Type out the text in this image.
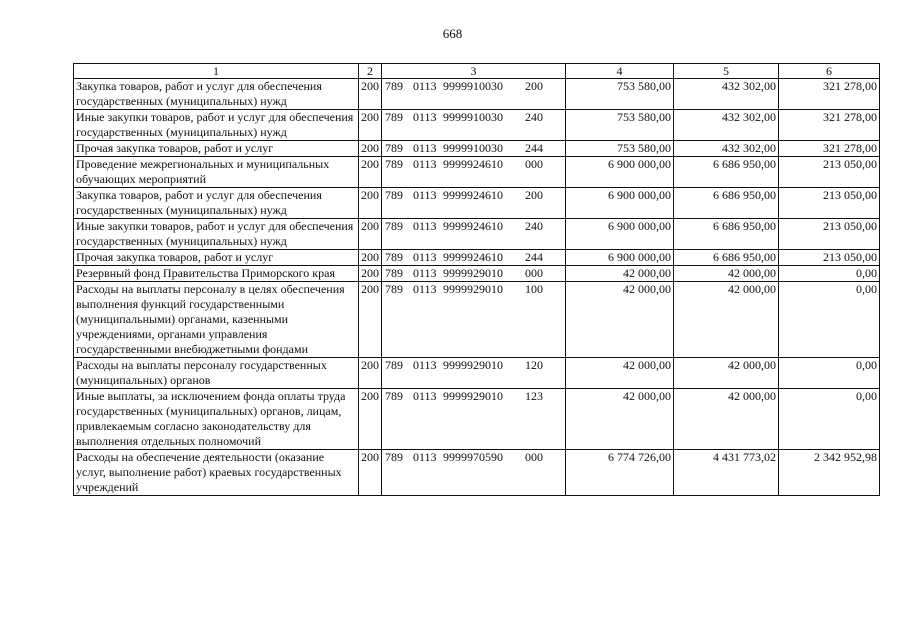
668
1	2	3	4	5	6
Закупка товаров, работ и услуг для обеспечения государственных (муниципальных) нужд	200	789 0113 9999910030 200	753 580,00	432 302,00	321 278,00
Иные закупки товаров, работ и услуг для обеспечения государственных (муниципальных) нужд	200	789 0113 9999910030 240	753 580,00	432 302,00	321 278,00
Прочая закупка товаров, работ и услуг	200	789 0113 9999910030 244	753 580,00	432 302,00	321 278,00
Проведение межрегиональных и муниципальных обучающих мероприятий	200	789 0113 9999924610 000	6 900 000,00	6 686 950,00	213 050,00
Закупка товаров, работ и услуг для обеспечения государственных (муниципальных) нужд	200	789 0113 9999924610 200	6 900 000,00	6 686 950,00	213 050,00
Иные закупки товаров, работ и услуг для обеспечения государственных (муниципальных) нужд	200	789 0113 9999924610 240	6 900 000,00	6 686 950,00	213 050,00
Прочая закупка товаров, работ и услуг	200	789 0113 9999924610 244	6 900 000,00	6 686 950,00	213 050,00
Резервный фонд Правительства Приморского края	200	789 0113 9999929010 000	42 000,00	42 000,00	0,00
Расходы на выплаты персоналу в целях обеспечения выполнения функций государственными (муниципальными) органами, казенными учреждениями, органами управления государственными внебюджетными фондами	200	789 0113 9999929010 100	42 000,00	42 000,00	0,00
Расходы на выплаты персоналу государственных (муниципальных) органов	200	789 0113 9999929010 120	42 000,00	42 000,00	0,00
Иные выплаты, за исключением фонда оплаты труда государственных (муниципальных) органов, лицам, привлекаемым согласно законодательству для выполнения отдельных полномочий	200	789 0113 9999929010 123	42 000,00	42 000,00	0,00
Расходы на обеспечение деятельности (оказание услуг, выполнение работ) краевых государственных учреждений	200	789 0113 9999970590 000	6 774 726,00	4 431 773,02	2 342 952,98
